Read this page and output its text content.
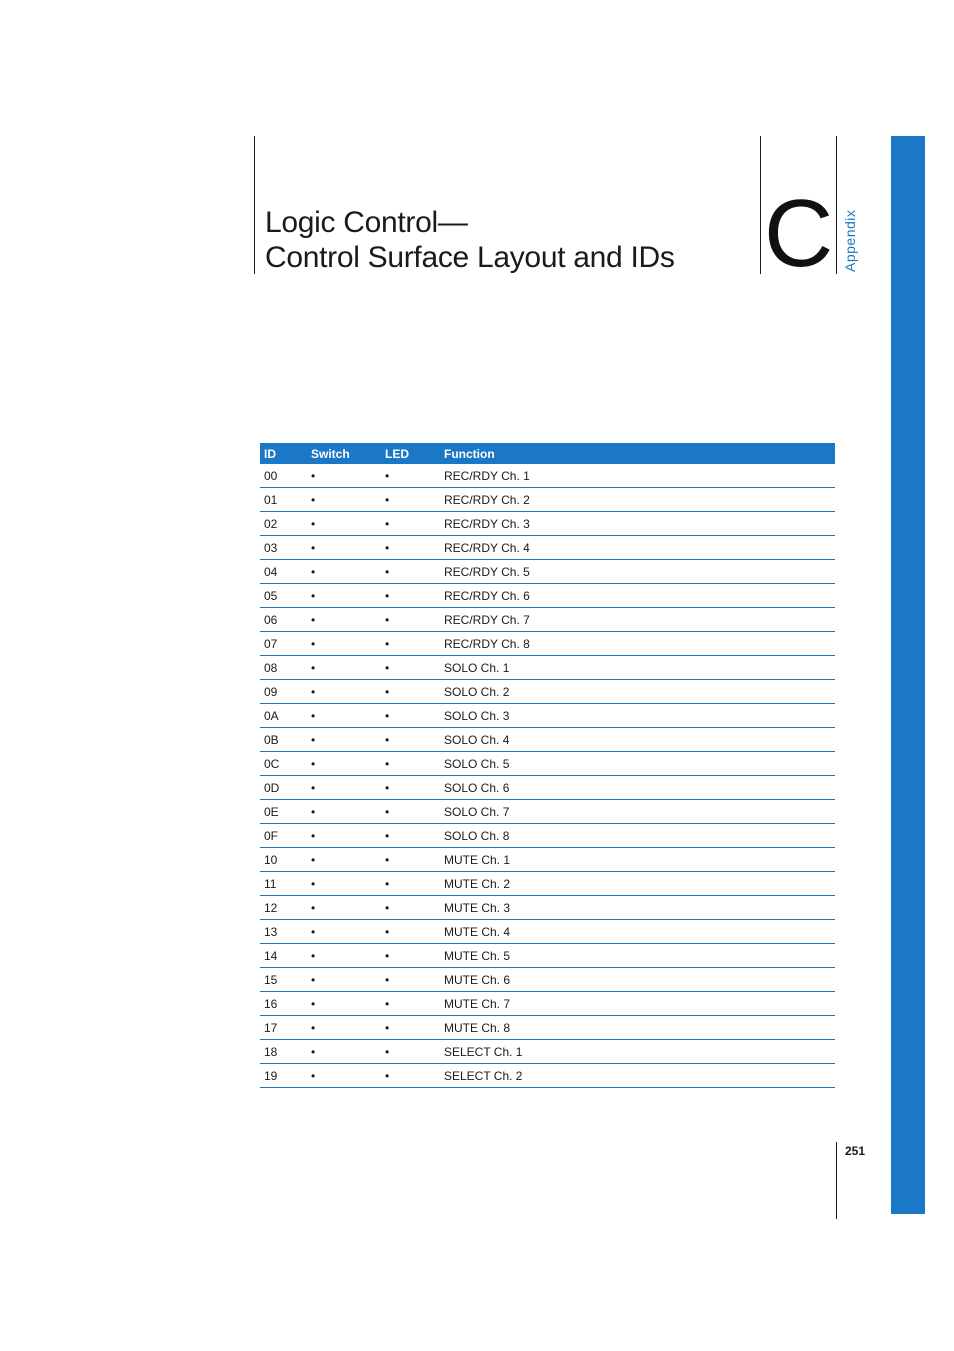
Logic Control—
Control Surface Layout and IDs C Appendix
ID	Switch	LED	Function
00	•	•	REC/RDY Ch. 1
01	•	•	REC/RDY Ch. 2
02	•	•	REC/RDY Ch. 3
03	•	•	REC/RDY Ch. 4
04	•	•	REC/RDY Ch. 5
05	•	•	REC/RDY Ch. 6
06	•	•	REC/RDY Ch. 7
07	•	•	REC/RDY Ch. 8
08	•	•	SOLO Ch. 1
09	•	•	SOLO Ch. 2
0A	•	•	SOLO Ch. 3
0B	•	•	SOLO Ch. 4
0C	•	•	SOLO Ch. 5
0D	•	•	SOLO Ch. 6
0E	•	•	SOLO Ch. 7
0F	•	•	SOLO Ch. 8
10	•	•	MUTE Ch. 1
11	•	•	MUTE Ch. 2
12	•	•	MUTE Ch. 3
13	•	•	MUTE Ch. 4
14	•	•	MUTE Ch. 5
15	•	•	MUTE Ch. 6
16	•	•	MUTE Ch. 7
17	•	•	MUTE Ch. 8
18	•	•	SELECT Ch. 1
19	•	•	SELECT Ch. 2
251
